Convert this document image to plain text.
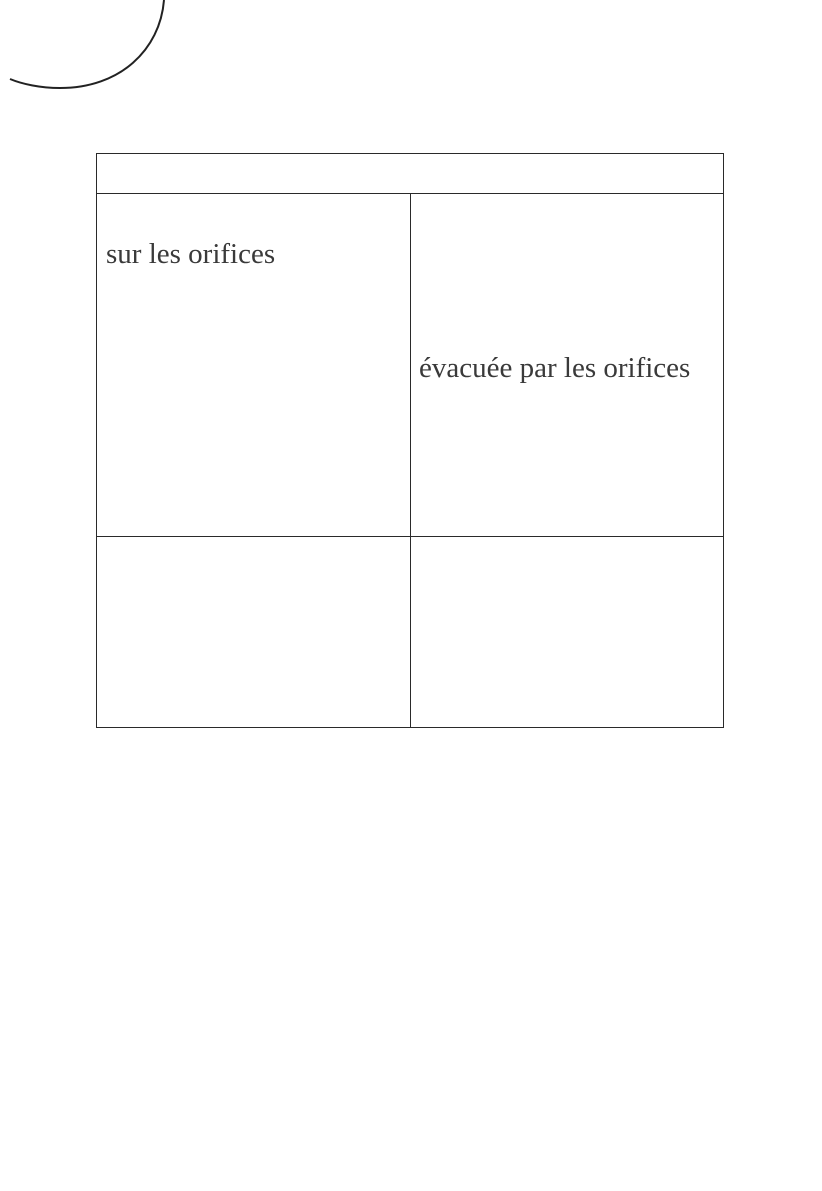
sur les orifices
évacuée par les orifices
